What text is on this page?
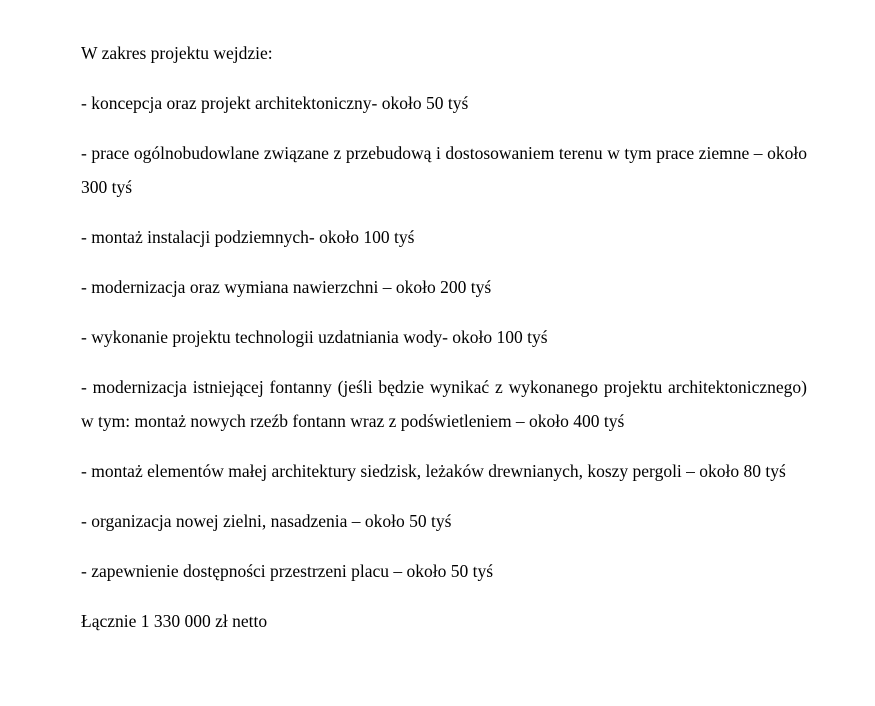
W zakres projektu wejdzie:

- koncepcja oraz projekt architektoniczny- około 50 tyś

- prace ogólnobudowlane związane z przebudową i dostosowaniem terenu w tym prace ziemne – około 300 tyś

- montaż instalacji podziemnych- około 100 tyś

- modernizacja oraz wymiana nawierzchni – około 200 tyś

- wykonanie projektu technologii uzdatniania wody- około 100 tyś

- modernizacja istniejącej fontanny (jeśli będzie wynikać z wykonanego projektu architektonicznego) w tym: montaż nowych rzeźb fontann wraz z podświetleniem – około 400 tyś

- montaż elementów małej architektury siedzisk, leżaków drewnianych, koszy pergoli – około 80 tyś

- organizacja nowej zielni, nasadzenia – około 50 tyś

- zapewnienie dostępności przestrzeni placu – około 50 tyś

Łącznie 1 330 000 zł netto
